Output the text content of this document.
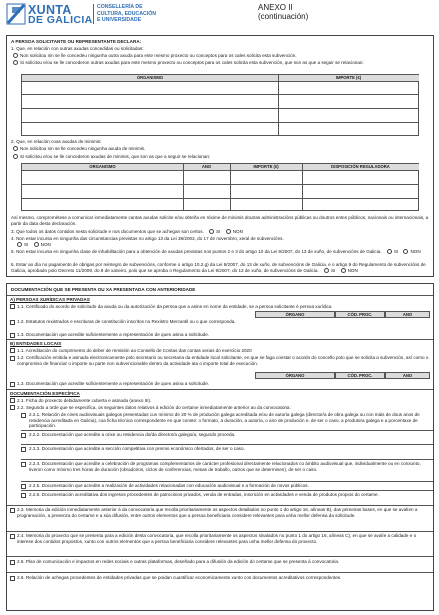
XUNTA
DE GALICIA
CONSELLERÍA DE
CULTURA, EDUCACIÓN
E UNIVERSIDADE
ANEXO II
(continuación)
A PERSOA SOLICITANTE OU REPRESENTANTE DECLARA:
1. Que, en relación con outras axudas concedidas ou solicitadas:
Non solicitou nin se lle concedeu ningunha outra axuda para este mesmo proxecto ou conceptos para os cales solicita esta subvención.
Si solicitou e/ou se lle concederon outras axudas para este mesmo proxecto ou conceptos para os cales solicita esta subvención, que son as que a seguir se relacionan:
ORGANISMO	IMPORTE (€)
2. Que, en relación coas axudas de minimis:
Non solicitou nin se lle concedeu ningunha axuda de minimis.
Si solicitou e/ou se lle concederon axudas de minimis, que son as que a seguir se relacionan:
ORGANISMO	ANO	IMPORTE (€)	DISPOSICIÓN REGULADORA
Así mesmo, comprométese a comunicar inmediatamente cantas axudas solicite e/ou obteña en réxime de minimis doutras administracións públicas ou doutros entes públicos, nacionais ou internacionais, a partir da data desta declaración.
3. Que todos os datos contidos nesta solicitude e nos documentos que se achegan son certos.	SI	NON
4. Non estar incursa en ningunha das circunstancias previstas no artigo 13 da Lei 38/2003, do 17 de novembro, xeral de subvencións.
SI	NON
5. Non estar incursa en ningunha clase de inhabilitación para a obtención de axudas previstas nos puntos 2 e 3 do artigo 10 da Lei 9/2007, do 13 de xuño, de subvencións de Galicia.	SI	NON
6. Estar ao día no pagamento de obrigas por reintegro de subvencións, conforme o artigo 10.2.g) da Lei 9/2007, do 13 de xuño, de subvencións de Galicia, e o artigo 9 do Regulamento de subvencións de Galicia, aprobado polo Decreto 11/2009, do 8 de xaneiro, polo que se aproba o Regulamento da Lei 9/2007, do 13 de xuño, de subvencións de Galicia.	SI	NON
DOCUMENTACIÓN QUE SE PRESENTA OU XA PRESENTADA CON ANTERIORIDADE
A) PERSOAS XURÍDICAS PRIVADAS
1.1. Certificado do acordo de solicitude da axuda ou da autorización da persoa que a asine en nome da entidade, se a persoa solicitante é persoa xurídica
ÓRGANO	CÓD. PROC.	ANO
1.2. Estatutos rexistrados e escrituras de constitución inscritos no Rexistro Mercantil ou o que corresponda.
1.3. Documentación que acredite suficientemente a representación de quen asina a solicitude.
B) ENTIDADES LOCAIS
1.1. Acreditación do cumprimento do deber de remisión ao Consello de Contas das contas xerais do exercicio 2020
1.2. Certificación emitida e asinada electronicamente polo secretario ou secretaria da entidade local solicitante, en que se faga constar o acordo do concello polo que se solicita a subvención, así como o compromiso de financiar o importe ou parte non subvencionable dentro da actividade ata o importe total de execución.
ÓRGANO	CÓD. PROC.	ANO
1.3. Documentación que acredite suficientemente a representación de quen asina a solicitude.
DOCUMENTACIÓN ESPECÍFICA
2.1. Ficha do proxecto debidamente cuberta e asinada (anexo III).
2.2. Segundo a orde que se especifica, os seguintes datos relativos á edición do certame inmediatamente anterior ao da convocatoria:
2.2.1. Relación de cines audiovisuais galegos presentadas cun mínimo de 20 % de produción galega acreditada e/ou de autoría galega (director/a de obra galega ou con máis de dous anos de residencia acreditada en Galicia), coa ficha técnica correspondente en que conste: o formato, a duración, a autoría, o ano de produción e, de ser o caso, a produtora galega e a porcentaxe de participación.
2.2.2. Documentación que acredite a orixe ou residencia do/da director/a galego/a, segundo proceda.
2.2.3. Documentación que acredite a sección competitiva con premio económico ofertados, de ser o caso.
2.2.4. Documentación que acredite a celebración de programas complementarios de carácter profesional directamente relacionados co ámbito audiovisual que, individualmente ou en conxunto, tiveron como mínimo tres horas de duración (obradoiros, ciclos de conferencias, mesas de traballo, outros que se determinen), de ser o caso.
2.2.5. Documentación que acredite a realización de actividades relacionadas con educación audiovisual e a formación de novos públicos.
2.2.6. Documentación acreditativa dos ingresos procedentes de patrocinios privados, venda de entradas, inscrición en actividades e venda de produtos propios do certame.
2.3. Memoria da edición inmediatamente anterior á da convocatoria que recolla prioritariamente os aspectos detallados no punto 1 do artigo 16, alíneas B), das primeiras bases, en que se avalíen a programación, a presenza do certame e a súa difusión, entre outros elementos que a persoa beneficiaria considere relevantes para unha mellor defensa da solicitude.
2.4. Memoria do proxecto que se presenta para a edición desta convocatoria, que recolla prioritariamente os aspectos sinalados no punto 1 do artigo 16, alíneas C), en que se avalíe a calidade e o interese dos contidos propostos, xunto con outros elementos que a persoa beneficiaria considere relevantes para unha mellor defensa do proxecto.
2.5. Plan de comunicación e impactos en redes sociais e outras plataformas, deseñado para a difusión da edición do certame que se presenta á convocatoria.
2.6. Relación de achegas procedentes de entidades privadas que se poidan cuantificar economicamente xunto cos documentos acreditativos correspondentes.
